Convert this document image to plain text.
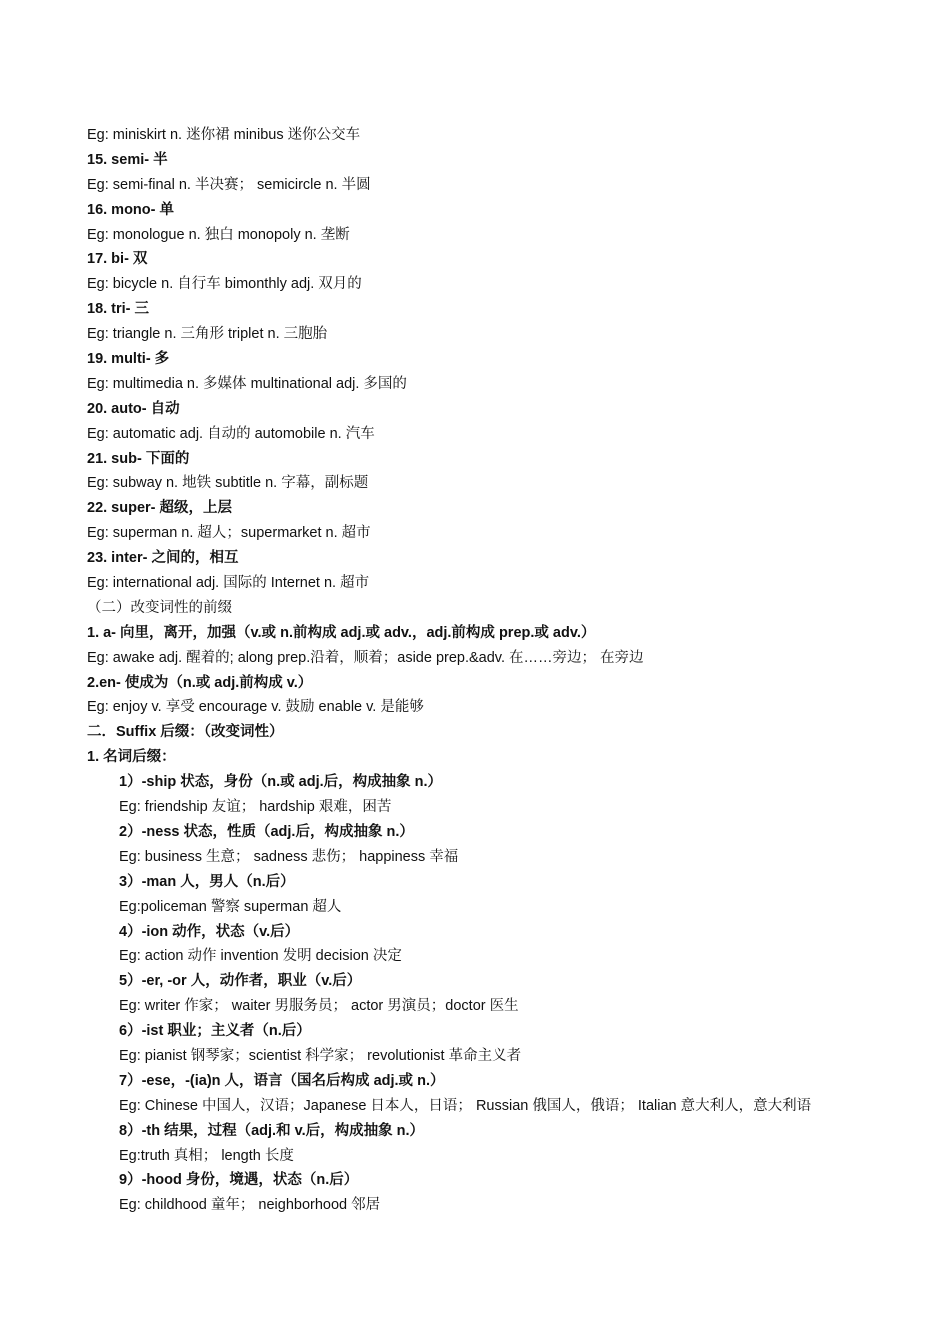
Eg: miniskirt n. 迷你裙 minibus 迷你公交车
15. semi- 半
Eg: semi-final n. 半决赛； semicircle n. 半圆
16. mono- 单
Eg: monologue n. 独白 monopoly n. 垄断
17. bi- 双
Eg: bicycle n. 自行车 bimonthly adj. 双月的
18. tri- 三
Eg: triangle n. 三角形 triplet n. 三胞胎
19. multi- 多
Eg: multimedia n. 多媒体 multinational adj. 多国的
20. auto- 自动
Eg: automatic adj. 自动的 automobile n. 汽车
21. sub- 下面的
Eg: subway n. 地铁 subtitle n. 字幕，副标题
22. super- 超级，上层
Eg: superman n. 超人；supermarket n. 超市
23. inter- 之间的，相互
Eg: international adj. 国际的 Internet n. 超市
（二）改变词性的前缀
1. a- 向里，离开，加强（v.或 n.前构成 adj.或 adv.，adj.前构成 prep.或 adv.）
Eg: awake adj. 醒着的; along prep.沿着，顺着；aside prep.&adv. 在……旁边； 在旁边
2.en- 使成为（n.或 adj.前构成 v.）
Eg: enjoy v. 享受 encourage v. 鼓励 enable v. 是能够
二．Suffix 后缀：（改变词性）
1. 名词后缀：
1）-ship 状态，身份（n.或 adj.后，构成抽象 n.）
Eg: friendship 友谊； hardship 艰难，困苦
2）-ness 状态，性质（adj.后，构成抽象 n.）
Eg: business 生意； sadness 悲伤； happiness 幸福
3）-man 人，男人（n.后）
Eg:policeman 警察 superman 超人
4）-ion 动作，状态（v.后）
Eg: action 动作 invention 发明 decision 决定
5）-er, -or 人，动作者，职业（v.后）
Eg: writer 作家； waiter 男服务员； actor 男演员；doctor 医生
6）-ist 职业；主义者（n.后）
Eg: pianist 钢琴家；scientist 科学家； revolutionist 革命主义者
7）-ese，-(ia)n 人，语言（国名后构成 adj.或 n.）
Eg: Chinese 中国人，汉语；Japanese 日本人，日语； Russian 俄国人，俄语； Italian 意大利人，意大利语
8）-th 结果，过程（adj.和 v.后，构成抽象 n.）
Eg:truth 真相； length 长度
9）-hood 身份，境遇，状态（n.后）
Eg: childhood 童年； neighborhood 邻居
